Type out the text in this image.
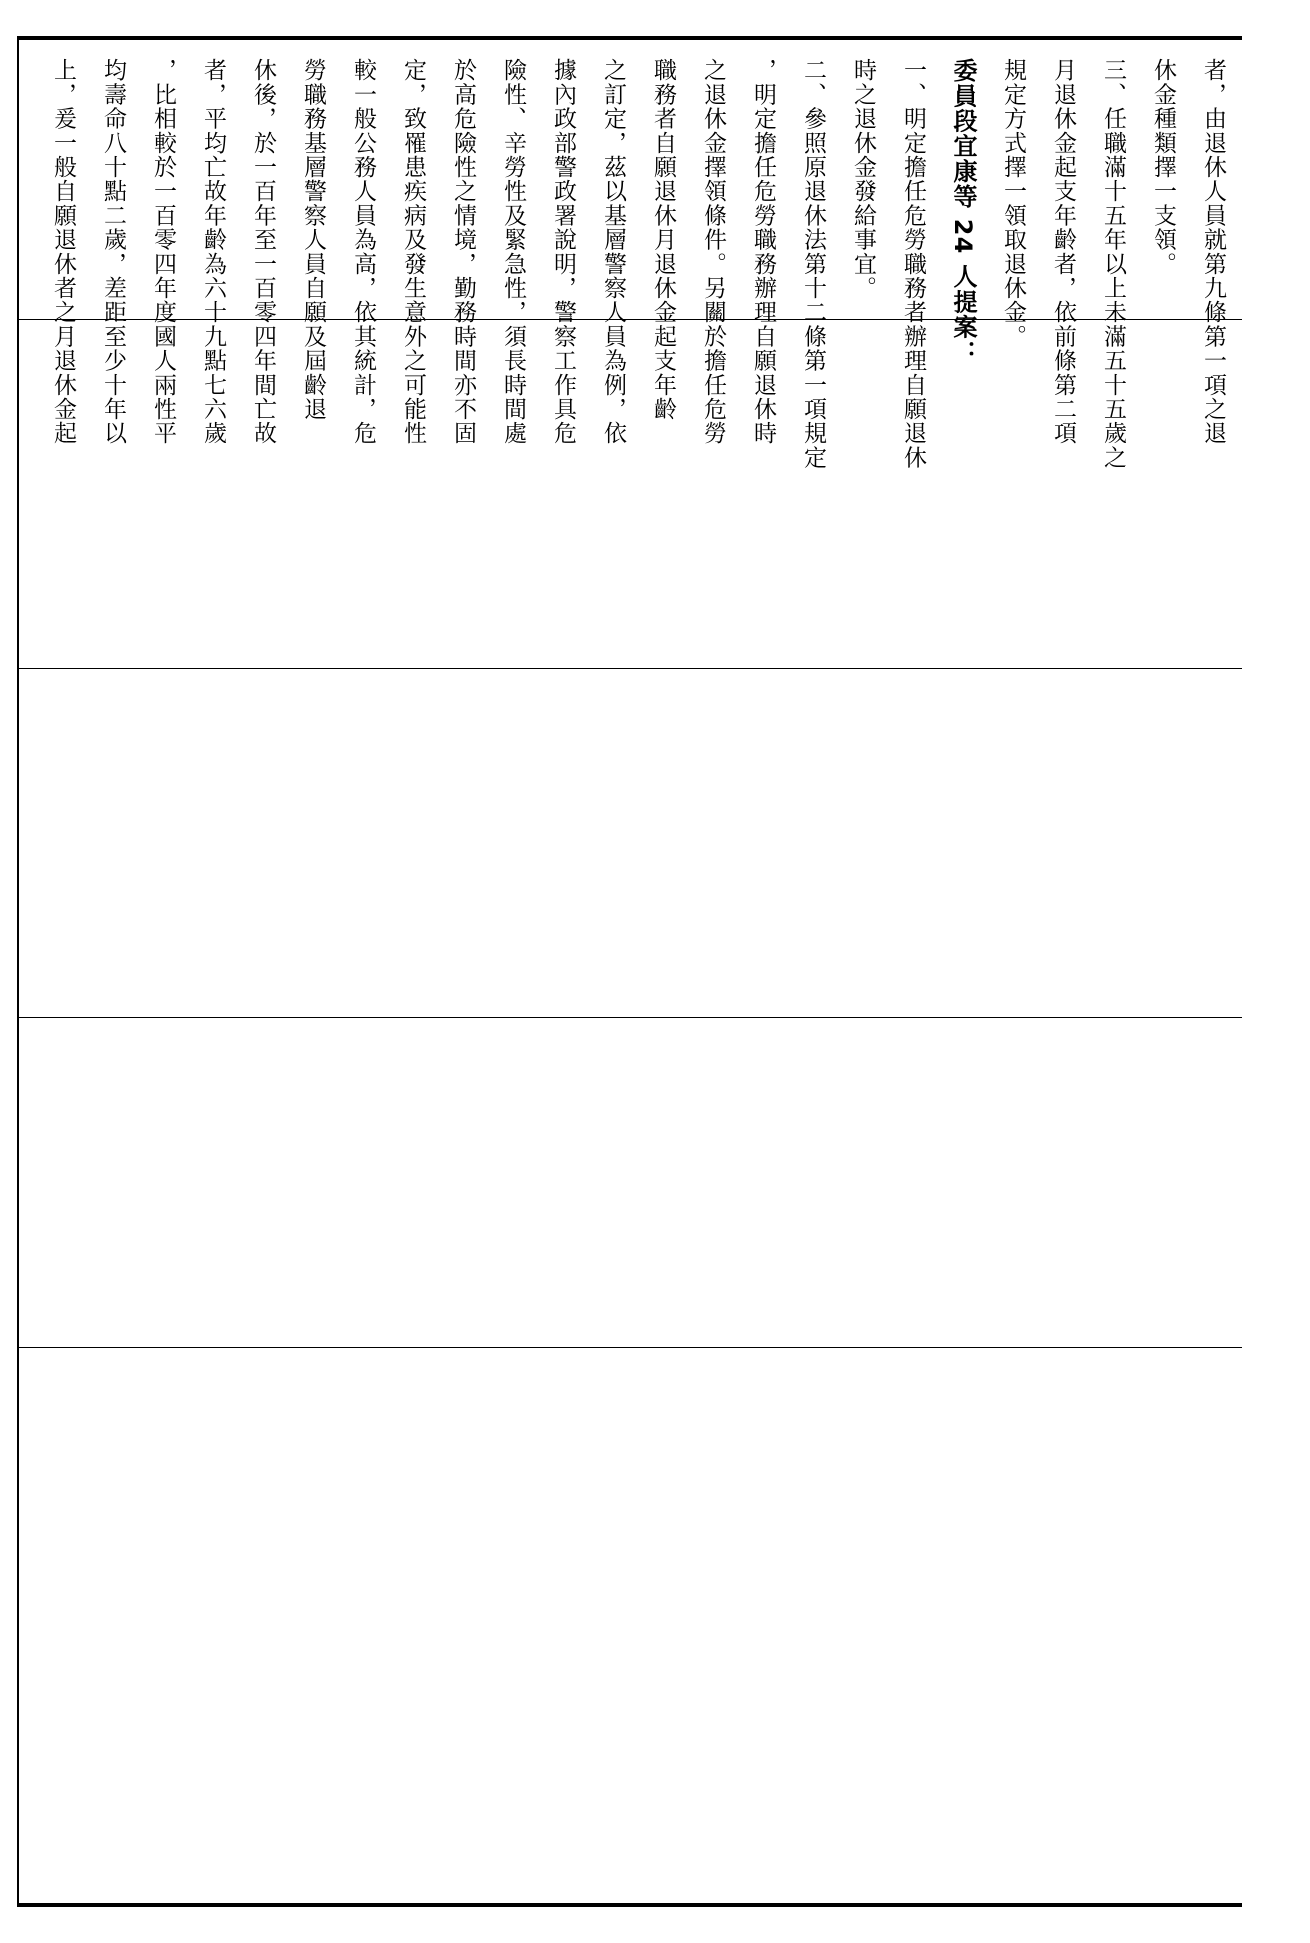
者，由退休人員就第九條第一項之退
休金種類擇一支領。
三、任職滿十五年以上未滿五十五歲之
月退休金起支年齡者，依前條第二項
規定方式擇一領取退休金。
委員段宜康等 24 人提案：
一、明定擔任危勞職務者辦理自願退休
時之退休金發給事宜。
二、參照原退休法第十二條第一項規定
，明定擔任危勞職務辦理自願退休時
之退休金擇領條件。另關於擔任危勞
職務者自願退休月退休金起支年齡
之訂定，茲以基層警察人員為例，依
據內政部警政署說明，警察工作具危
險性、辛勞性及緊急性，須長時間處
於高危險性之情境，勤務時間亦不固
定，致罹患疾病及發生意外之可能性
較一般公務人員為高，依其統計，危
勞職務基層警察人員自願及屆齡退
休後，於一百年至一百零四年間亡故
者，平均亡故年齡為六十九點七六歲
，比相較於一百零四年度國人兩性平
均壽命八十點二歲，差距至少十年以
上，爰一般自願退休者之月退休金起
